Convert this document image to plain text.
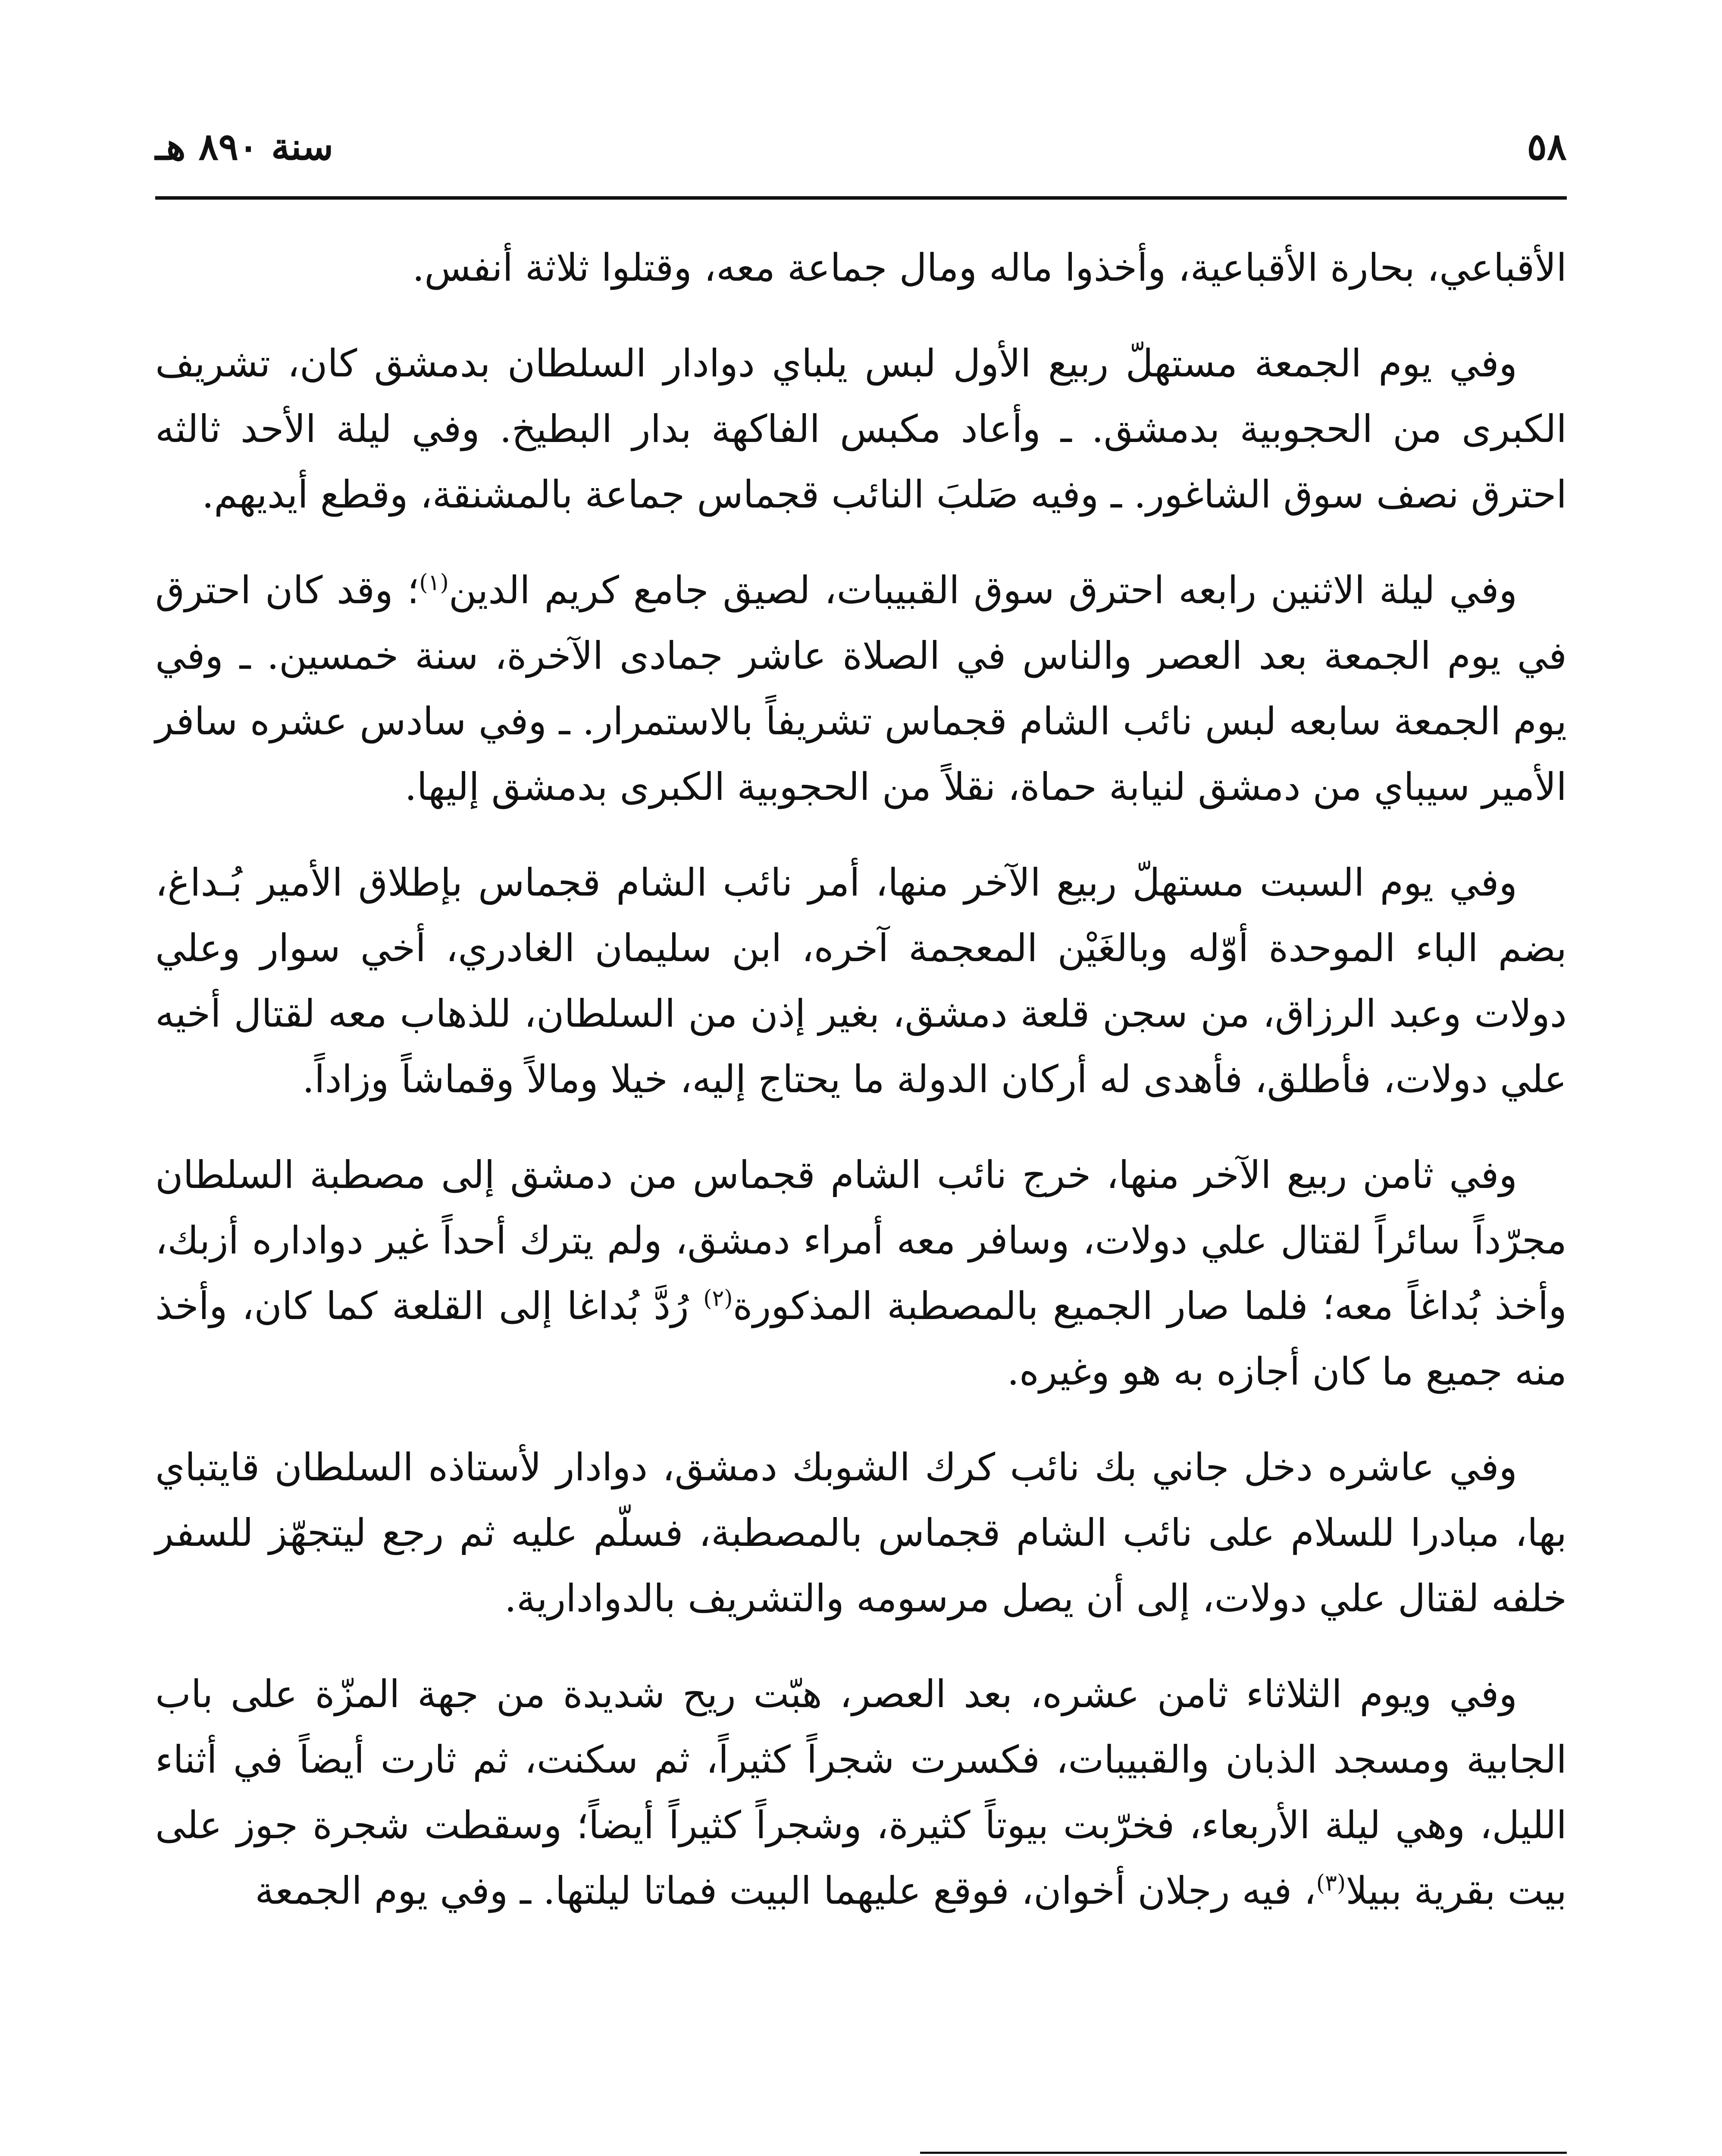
٥٨
سنة ٨٩٠ هـ

الأقباعي، بحارة الأقباعية، وأخذوا ماله ومال جماعة معه، وقتلوا ثلاثة أنفس.

وفي يوم الجمعة مستهلّ ربيع الأول لبس يلباي دوادار السلطان بدمشق كان، تشريف الكبرى من الحجوبية بدمشق. ـ وأعاد مكبس الفاكهة بدار البطيخ. وفي ليلة الأحد ثالثه احترق نصف سوق الشاغور. ـ وفيه صَلبَ النائب قجماس جماعة بالمشنقة، وقطع أيديهم.

وفي ليلة الاثنين رابعه احترق سوق القبيبات، لصيق جامع كريم الدين$^{(١)}$؛ وقد كان احترق في يوم الجمعة بعد العصر والناس في الصلاة عاشر جمادى الآخرة، سنة خمسين. ـ وفي يوم الجمعة سابعه لبس نائب الشام قجماس تشريفاً بالاستمرار. ـ وفي سادس عشره سافر الأمير سيباي من دمشق لنيابة حماة، نقلاً من الحجوبية الكبرى بدمشق إليها.

وفي يوم السبت مستهلّ ربيع الآخر منها، أمر نائب الشام قجماس بإطلاق الأمير بُـداغ، بضم الباء الموحدة أوّله وبالغَيْن المعجمة آخره، ابن سليمان الغادري، أخي سوار وعلي دولات وعبد الرزاق، من سجن قلعة دمشق، بغير إذن من السلطان، للذهاب معه لقتال أخيه علي دولات، فأطلق، فأهدى له أركان الدولة ما يحتاج إليه، خيلا ومالاً وقماشاً وزاداً.

وفي ثامن ربيع الآخر منها، خرج نائب الشام قجماس من دمشق إلى مصطبة السلطان مجرّداً سائراً لقتال علي دولات، وسافر معه أمراء دمشق، ولم يترك أحداً غير دواداره أزبك، وأخذ بُداغاً معه؛ فلما صار الجميع بالمصطبة المذكورة$^{(٢)}$ رُدَّ بُداغا إلى القلعة كما كان، وأخذ منه جميع ما كان أجازه به هو وغيره.

وفي عاشره دخل جاني بك نائب كرك الشوبك دمشق، دوادار لأستاذه السلطان قايتباي بها، مبادرا للسلام على نائب الشام قجماس بالمصطبة، فسلّم عليه ثم رجع ليتجهّز للسفر خلفه لقتال علي دولات، إلى أن يصل مرسومه والتشريف بالدوادارية.

وفي ويوم الثلاثاء ثامن عشره، بعد العصر، هبّت ريح شديدة من جهة المزّة على باب الجابية ومسجد الذبان والقبيبات، فكسرت شجراً كثيراً، ثم سكنت، ثم ثارت أيضاً في أثناء الليل، وهي ليلة الأربعاء، فخرّبت بيوتاً كثيرة، وشجراً كثيراً أيضاً؛ وسقطت شجرة جوز على بيت بقرية ببيلا$^{(٣)}$، فيه رجلان أخوان، فوقع عليهما البيت فماتا ليلتها. ـ وفي يوم الجمعة
